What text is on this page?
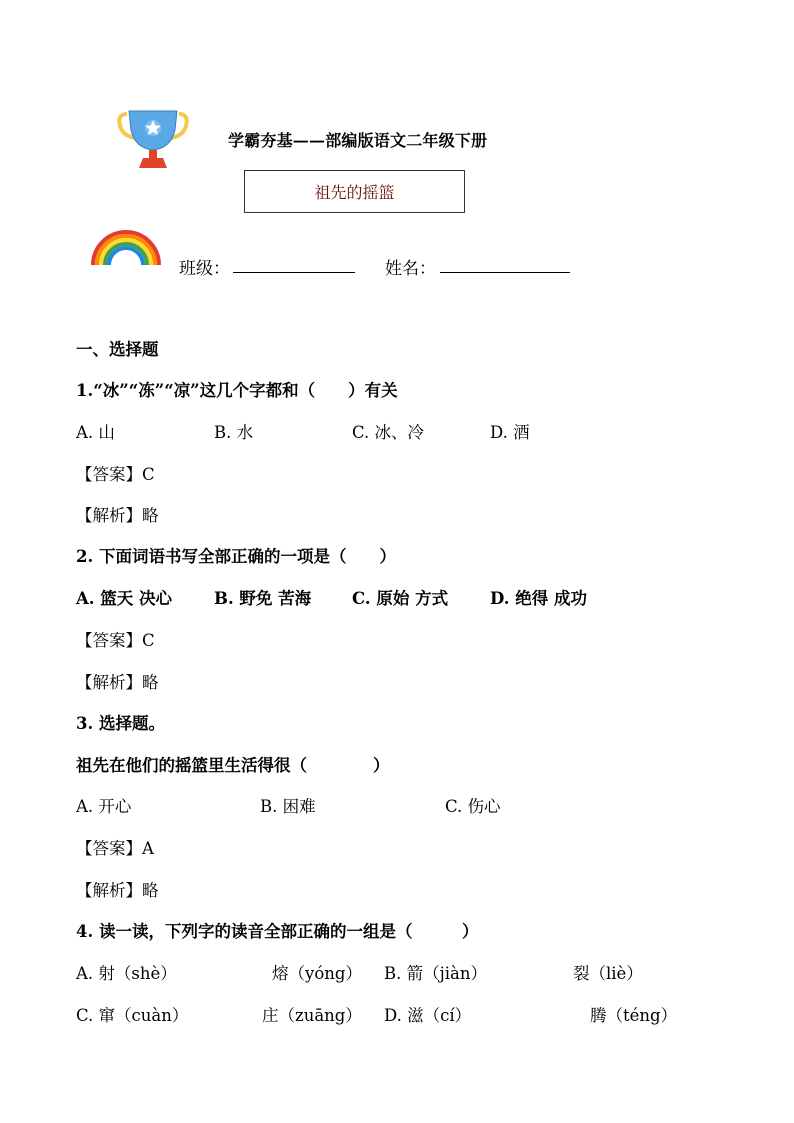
学霸夯基——部编版语文二年级下册
祖先的摇篮
班级：	姓名：
一、选择题
1.“冰”“冻”“凉”这几个字都和（　　）有关
A. 山	B. 水	C. 冰、冷	D. 酒
【答案】C
【解析】略
2. 下面词语书写全部正确的一项是（　　）
A. 篮天 决心	B. 野免 苦海 C. 原始 方式	D. 绝得 成功
【答案】C
【解析】略
3. 选择题。
祖先在他们的摇篮里生活得很（　　　　）
A. 开心	B. 困难	C. 伤心
【答案】A
【解析】略
4. 读一读，下列字的读音全部正确的一组是（　　　）
A. 射（shè）	熔（yóng） B. 箭（jiàn）	裂（liè）
C. 窜（cuàn）	庄（zuāng） D. 滋（cí）	腾（téng）
